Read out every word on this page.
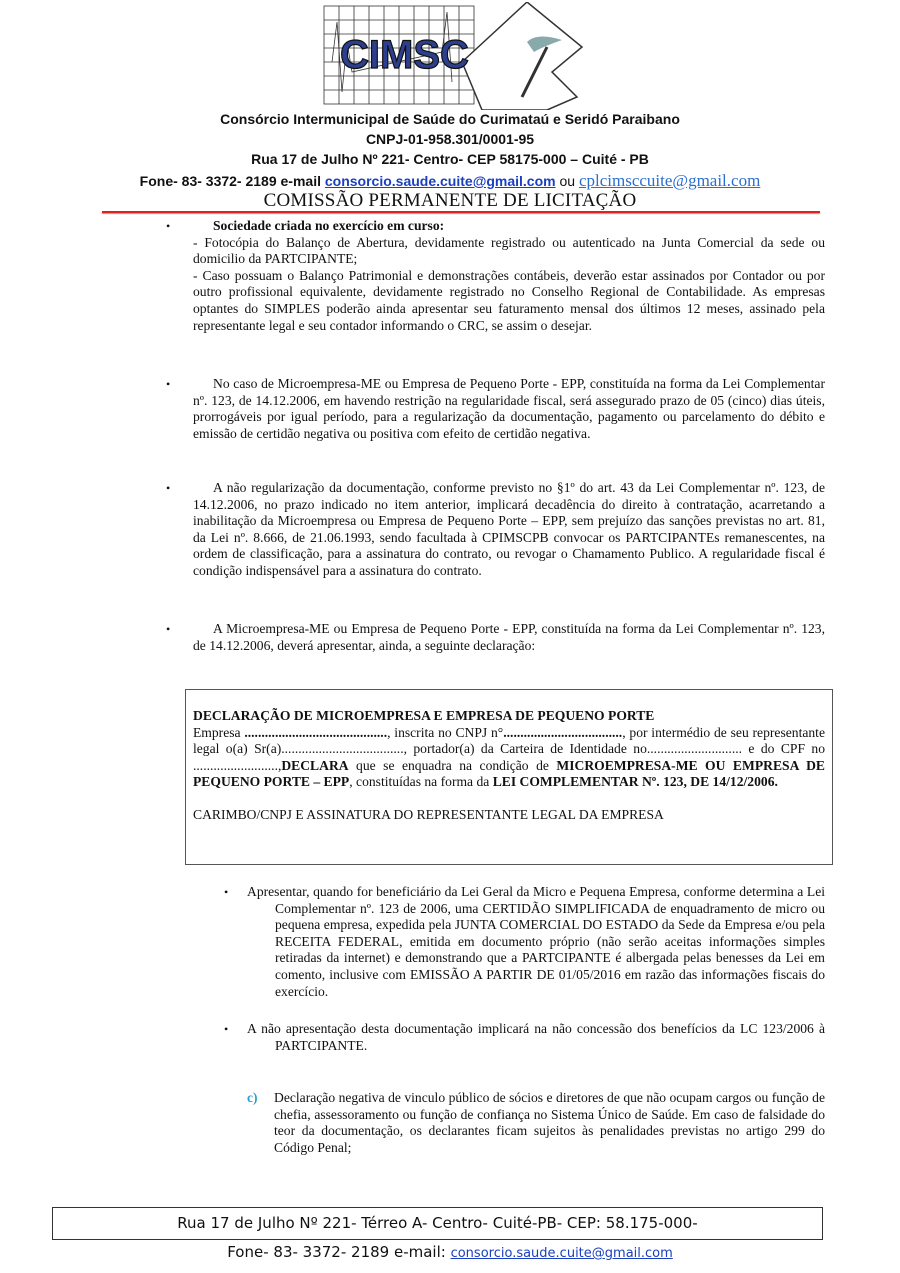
CIMSC
Consórcio Intermunicipal de Saúde do Curimataú e Seridó Paraibano
CNPJ-01-958.301/0001-95
Rua 17 de Julho Nº 221- Centro- CEP 58175-000 – Cuité - PB
Fone- 83- 3372- 2189 e-mail consorcio.saude.cuite@gmail.com ou cplcimsccuite@gmail.com
COMISSÃO PERMANENTE DE LICITAÇÃO
•	Sociedade criada no exercício em curso:

- Fotocópia do Balanço de Abertura, devidamente registrado ou autenticado na Junta Comercial da sede ou domicilio da PARTCIPANTE;

- Caso possuam o Balanço Patrimonial e demonstrações contábeis, deverão estar assinados por Contador ou por outro profissional equivalente, devidamente registrado no Conselho Regional de Contabilidade. As empresas optantes do SIMPLES poderão ainda apresentar seu faturamento mensal dos últimos 12 meses, assinado pela representante legal e seu contador informando o CRC, se assim o desejar.

•	No caso de Microempresa-ME ou Empresa de Pequeno Porte - EPP, constituída na forma da Lei Complementar nº. 123, de 14.12.2006, em havendo restrição na regularidade fiscal, será assegurado prazo de 05 (cinco) dias úteis, prorrogáveis por igual período, para a regularização da documentação, pagamento ou parcelamento do débito e emissão de certidão negativa ou positiva com efeito de certidão negativa.

•	A não regularização da documentação, conforme previsto no §1º do art. 43 da Lei Complementar nº. 123, de 14.12.2006, no prazo indicado no item anterior, implicará decadência do direito à contratação, acarretando a inabilitação da Microempresa ou Empresa de Pequeno Porte – EPP, sem prejuízo das sanções previstas no art. 81, da Lei nº. 8.666, de 21.06.1993, sendo facultada à CPIMSCPB convocar os PARTCIPANTEs remanescentes, na ordem de classificação, para a assinatura do contrato, ou revogar o Chamamento Publico. A regularidade fiscal é condição indispensável para a assinatura do contrato.

•	A Microempresa-ME ou Empresa de Pequeno Porte - EPP, constituída na forma da Lei Complementar nº. 123, de 14.12.2006, deverá apresentar, ainda, a seguinte declaração:

DECLARAÇÃO DE MICROEMPRESA E EMPRESA DE PEQUENO PORTE

Empresa .........................................., inscrita no CNPJ n°..................................., por intermédio de seu representante legal o(a) Sr(a)...................................., portador(a) da Carteira de Identidade no............................ e do CPF no .........................,DECLARA que se enquadra na condição de MICROEMPRESA-ME OU EMPRESA DE PEQUENO PORTE – EPP, constituídas na forma da LEI COMPLEMENTAR Nº. 123, DE 14/12/2006.

CARIMBO/CNPJ E ASSINATURA DO REPRESENTANTE LEGAL DA EMPRESA

• Apresentar, quando for beneficiário da Lei Geral da Micro e Pequena Empresa, conforme determina a Lei Complementar nº. 123 de 2006, uma CERTIDÃO SIMPLIFICADA de enquadramento de micro ou pequena empresa, expedida pela JUNTA COMERCIAL DO ESTADO da Sede da Empresa e/ou pela RECEITA FEDERAL, emitida em documento próprio (não serão aceitas informações simples retiradas da internet) e demonstrando que a PARTCIPANTE é albergada pelas benesses da Lei em comento, inclusive com EMISSÃO A PARTIR DE 01/05/2016 em razão das informações fiscais do exercício.

• A não apresentação desta documentação implicará na não concessão dos benefícios da LC 123/2006 à PARTCIPANTE.

c) Declaração negativa de vinculo público de sócios e diretores de que não ocupam cargos ou função de chefia, assessoramento ou função de confiança no Sistema Único de Saúde. Em caso de falsidade do teor da documentação, os declarantes ficam sujeitos às penalidades previstas no artigo 299 do Código Penal;

Rua 17 de Julho Nº 221- Térreo A- Centro- Cuité-PB- CEP: 58.175-000-
Fone- 83- 3372- 2189 e-mail: consorcio.saude.cuite@gmail.com
